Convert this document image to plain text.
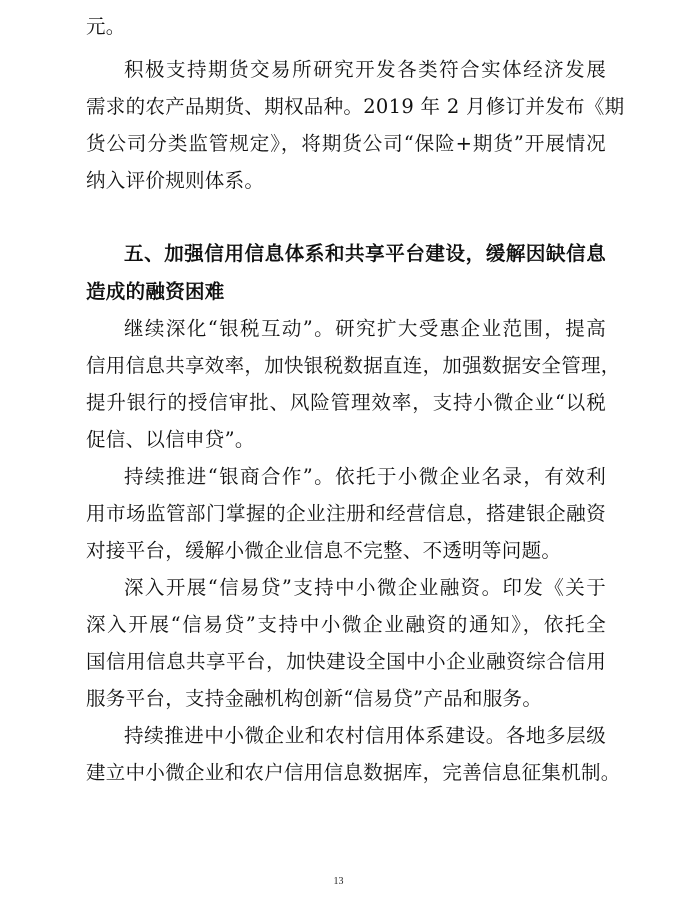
元。
积极支持期货交易所研究开发各类符合实体经济发展
需求的农产品期货、期权品种。2019 年 2 月修订并发布《期
货公司分类监管规定》，将期货公司“保险+期货”开展情况
纳入评价规则体系。
五、加强信用信息体系和共享平台建设，缓解因缺信息
造成的融资困难
继续深化“银税互动”。研究扩大受惠企业范围，提高
信用信息共享效率，加快银税数据直连，加强数据安全管理，
提升银行的授信审批、风险管理效率，支持小微企业“以税
促信、以信申贷”。
持续推进“银商合作”。依托于小微企业名录，有效利
用市场监管部门掌握的企业注册和经营信息，搭建银企融资
对接平台，缓解小微企业信息不完整、不透明等问题。
深入开展“信易贷”支持中小微企业融资。印发《关于
深入开展“信易贷”支持中小微企业融资的通知》，依托全
国信用信息共享平台，加快建设全国中小企业融资综合信用
服务平台，支持金融机构创新“信易贷”产品和服务。
持续推进中小微企业和农村信用体系建设。各地多层级
建立中小微企业和农户信用信息数据库，完善信息征集机制。
13
